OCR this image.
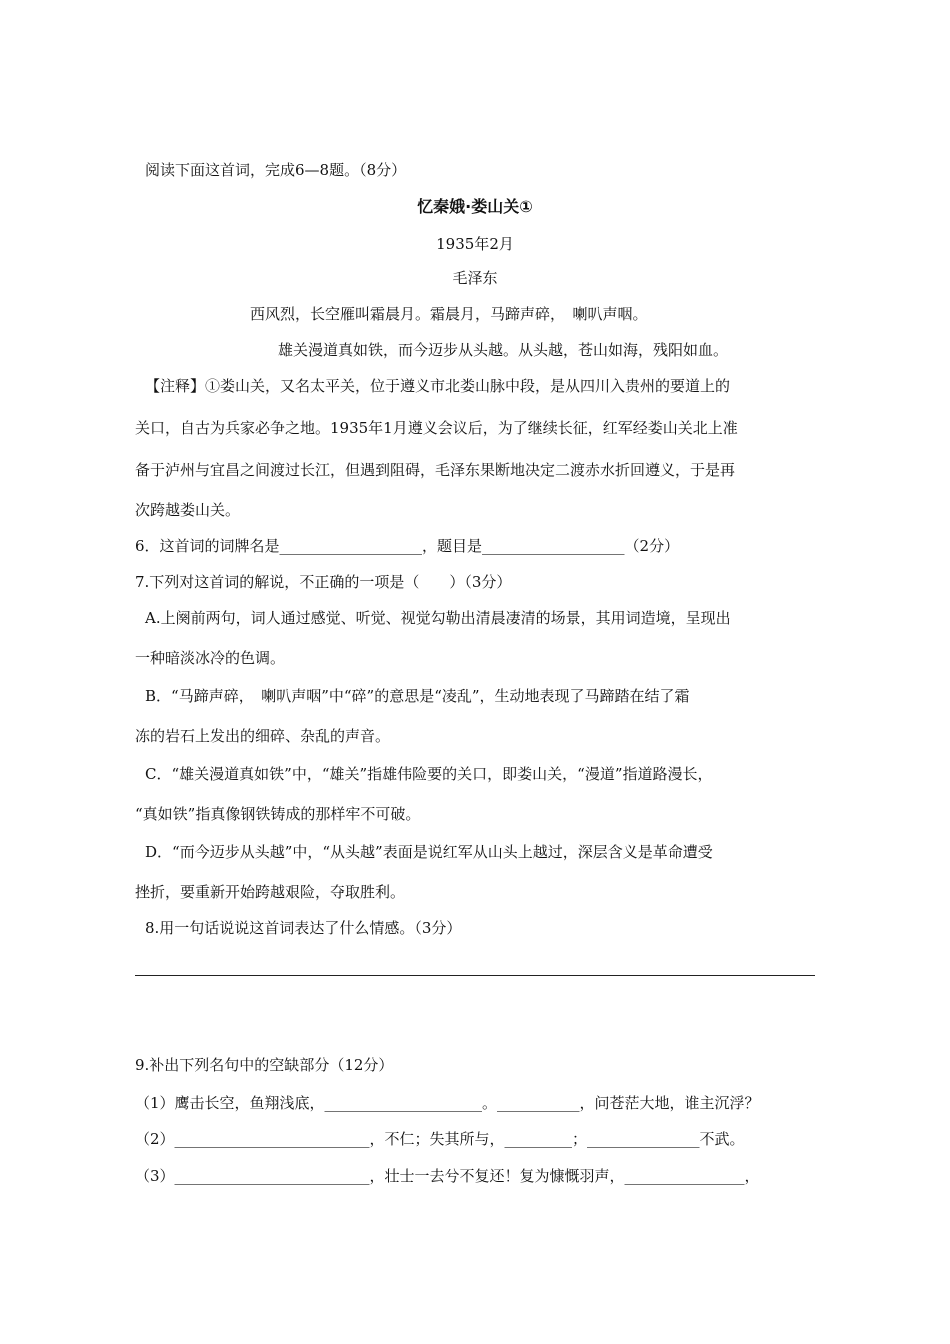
阅读下面这首词，完成6—8题。（8分）
忆秦娥·娄山关①
1935年2月
毛泽东
西风烈，长空雁叫霜晨月。霜晨月，马蹄声碎，　喇叭声咽。
雄关漫道真如铁，而今迈步从头越。从头越，苍山如海，残阳如血。
【注释】①娄山关，又名太平关，位于遵义市北娄山脉中段，是从四川入贵州的要道上的
关口，自古为兵家必争之地。1935年1月遵义会议后，为了继续长征，红军经娄山关北上准
备于泸州与宜昌之间渡过长江，但遇到阻碍，毛泽东果断地决定二渡赤水折回遵义，于是再
次跨越娄山关。
6．这首词的词牌名是___________________，题目是___________________（2分）
7.下列对这首词的解说，不正确的一项是（　　）（3分）
A.上阕前两句，词人通过感觉、听觉、视觉勾勒出清晨凄清的场景，其用词造境，呈现出
一种暗淡冰冷的色调。
B．“马蹄声碎，　喇叭声咽”中“碎”的意思是“凌乱”，生动地表现了马蹄踏在结了霜
冻的岩石上发出的细碎、杂乱的声音。
C．“雄关漫道真如铁”中，“雄关”指雄伟险要的关口，即娄山关，“漫道”指道路漫长，
“真如铁”指真像钢铁铸成的那样牢不可破。
D．“而今迈步从头越”中，“从头越”表面是说红军从山头上越过，深层含义是革命遭受
挫折，要重新开始跨越艰险，夺取胜利。
8.用一句话说说这首词表达了什么情感。（3分）
9.补出下列名句中的空缺部分（12分）
（1）鹰击长空，鱼翔浅底，_____________________。___________，问苍茫大地，谁主沉浮？
（2）__________________________，不仁；失其所与，_________；_______________不武。
（3）__________________________，壮士一去兮不复还！复为慷慨羽声，________________，
